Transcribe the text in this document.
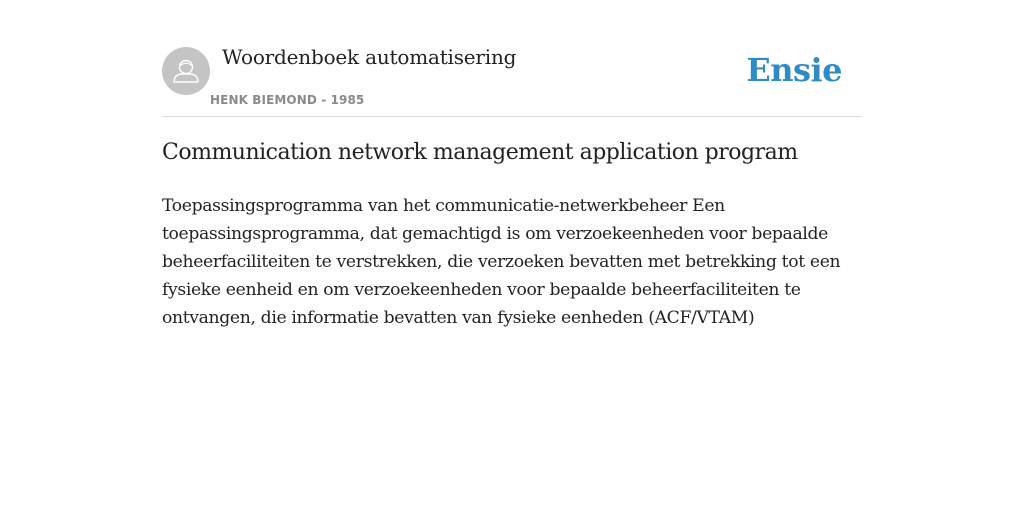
Woordenboek automatisering
HENK BIEMOND - 1985
Ensie
Communication network management application program

Toepassingsprogramma van het communicatie-netwerkbeheer Een toepassingsprogramma, dat gemachtigd is om verzoekeenheden voor bepaalde beheerfaciliteiten te verstrekken, die verzoeken bevatten met betrekking tot een fysieke eenheid en om verzoekeenheden voor bepaalde beheerfaciliteiten te ontvangen, die informatie bevatten van fysieke eenheden (ACF/VTAM)
